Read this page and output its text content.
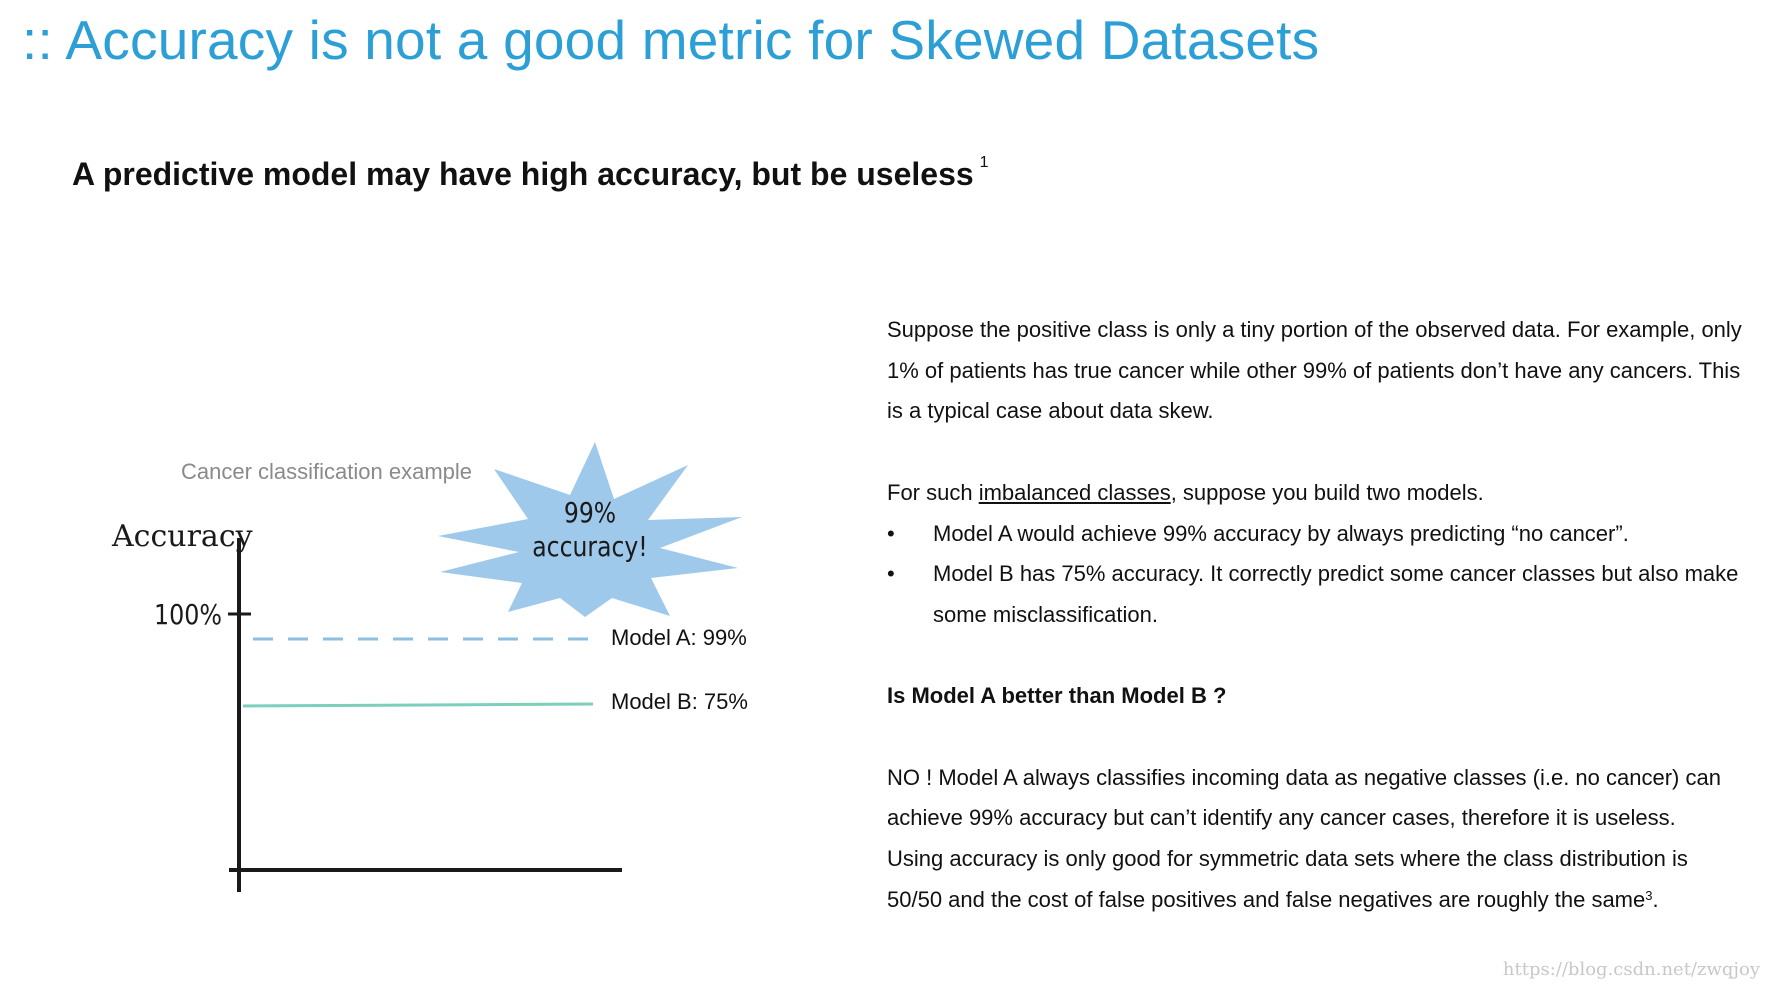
:: Accuracy is not a good metric for Skewed Datasets
A predictive model may have high accuracy, but be useless $^1$
Cancer classification example
99%
accuracy!
Accuracy
100%
Model A: 99%
Model B: 75%

Suppose the positive class is only a tiny portion of the observed data. For example, only 1% of patients has true cancer while other 99% of patients don’t have any cancers. This is a typical case about data skew.

For such imbalanced classes, suppose you build two models.

• Model A would achieve 99% accuracy by always predicting “no cancer”.
• Model B has 75% accuracy. It correctly predict some cancer classes but also make some misclassification.

Is Model A better than Model B ?

NO ! Model A always classifies incoming data as negative classes (i.e. no cancer) can achieve 99% accuracy but can’t identify any cancer cases, therefore it is useless.

Using accuracy is only good for symmetric data sets where the class distribution is 50/50 and the cost of false positives and false negatives are roughly the same$^3$.

https://blog.csdn.net/zwqjoy
